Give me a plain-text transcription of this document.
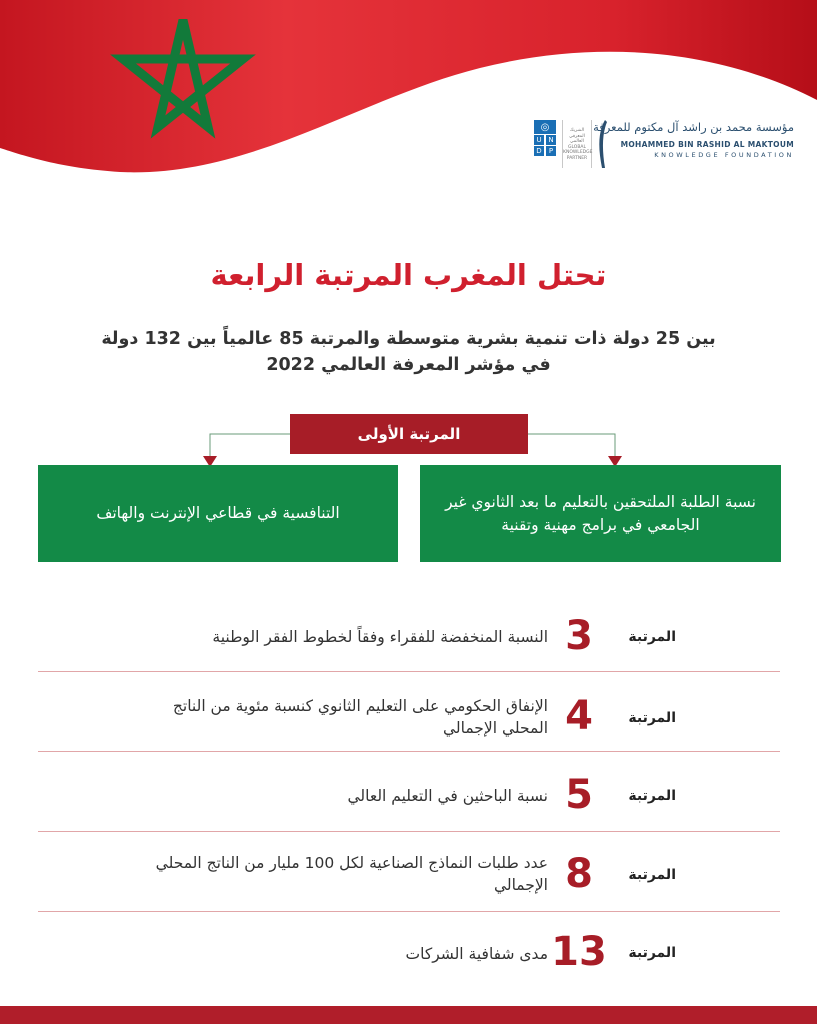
◎
U N
D	P
الشريك
المعرفي
العالمي
GLOBAL
KNOWLEDGE
PARTNER
مؤسسة محمد بن راشد آل مكتوم للمعرفة
MOHAMMED BIN RASHID AL MAKTOUM
KNOWLEDGE FOUNDATION
تحتل المغرب المرتبة الرابعة
بين 25 دولة ذات تنمية بشرية متوسطة والمرتبة 85 عالمياً بين 132 دولة
في مؤشر المعرفة العالمي 2022
المرتبة الأولى
نسبة الطلبة الملتحقين بالتعليم ما بعد الثانوي غير الجامعي في برامج مهنية وتقنية
التنافسية في قطاعي الإنترنت والهاتف
المرتبة
3
النسبة المنخفضة للفقراء وفقاً لخطوط الفقر الوطنية
المرتبة
4
الإنفاق الحكومي على التعليم الثانوي كنسبة مئوية من الناتج المحلي الإجمالي
المرتبة
5
نسبة الباحثين في التعليم العالي
المرتبة
8
عدد طلبات النماذج الصناعية لكل 100 مليار من الناتج المحلي الإجمالي
المرتبة
13
مدى شفافية الشركات
